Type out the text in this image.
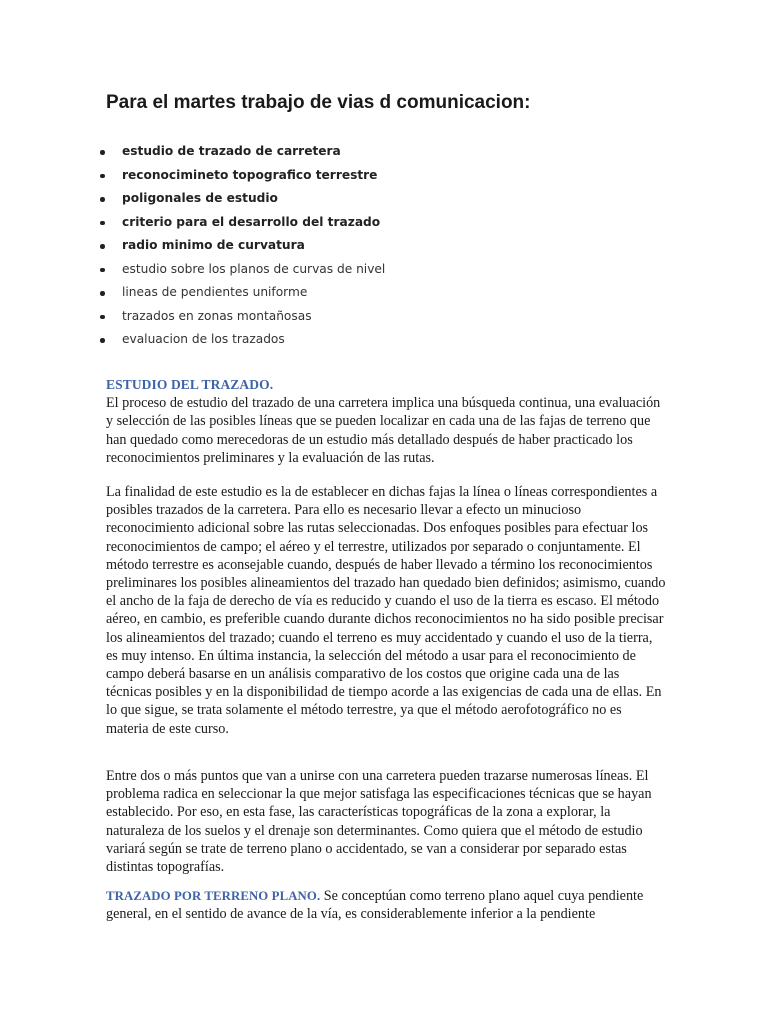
Para el martes trabajo de vias d comunicacion:
estudio de trazado de carretera
reconocimineto topografico terrestre
poligonales de estudio
criterio para el desarrollo del trazado
radio minimo de curvatura
estudio sobre los planos de curvas de nivel
lineas de pendientes uniforme
trazados en zonas montañosas
evaluacion de los trazados

ESTUDIO DEL TRAZADO.
El proceso de estudio del trazado de una carretera implica una búsqueda continua, una evaluación y selección de las posibles líneas que se pueden localizar en cada una de las fajas de terreno que han quedado como merecedoras de un estudio más detallado después de haber practicado los reconocimientos preliminares y la evaluación de las rutas.

La finalidad de este estudio es la de establecer en dichas fajas la línea o líneas correspondientes a posibles trazados de la carretera. Para ello es necesario llevar a efecto un minucioso reconocimiento adicional sobre las rutas seleccionadas. Dos enfoques posibles para efectuar los reconocimientos de campo; el aéreo y el terrestre, utilizados por separado o conjuntamente. El método terrestre es aconsejable cuando, después de haber llevado a término los reconocimientos preliminares los posibles alineamientos del trazado han quedado bien definidos; asimismo, cuando el ancho de la faja de derecho de vía es reducido y cuando el uso de la tierra es escaso. El método aéreo, en cambio, es preferible cuando durante dichos reconocimientos no ha sido posible precisar los alineamientos del trazado; cuando el terreno es muy accidentado y cuando el uso de la tierra, es muy intenso. En última instancia, la selección del método a usar para el reconocimiento de campo deberá basarse en un análisis comparativo de los costos que origine cada una de las técnicas posibles y en la disponibilidad de tiempo acorde a las exigencias de cada una de ellas. En lo que sigue, se trata solamente el método terrestre, ya que el método aerofotográfico no es materia de este curso.

Entre dos o más puntos que van a unirse con una carretera pueden trazarse numerosas líneas. El problema radica en seleccionar la que mejor satisfaga las especificaciones técnicas que se hayan establecido. Por eso, en esta fase, las características topográficas de la zona a explorar, la naturaleza de los suelos y el drenaje son determinantes. Como quiera que el método de estudio variará según se trate de terreno plano o accidentado, se van a considerar por separado estas distintas topografías.

TRAZADO POR TERRENO PLANO. Se conceptúan como terreno plano aquel cuya pendiente general, en el sentido de avance de la vía, es considerablemente inferior a la pendiente
